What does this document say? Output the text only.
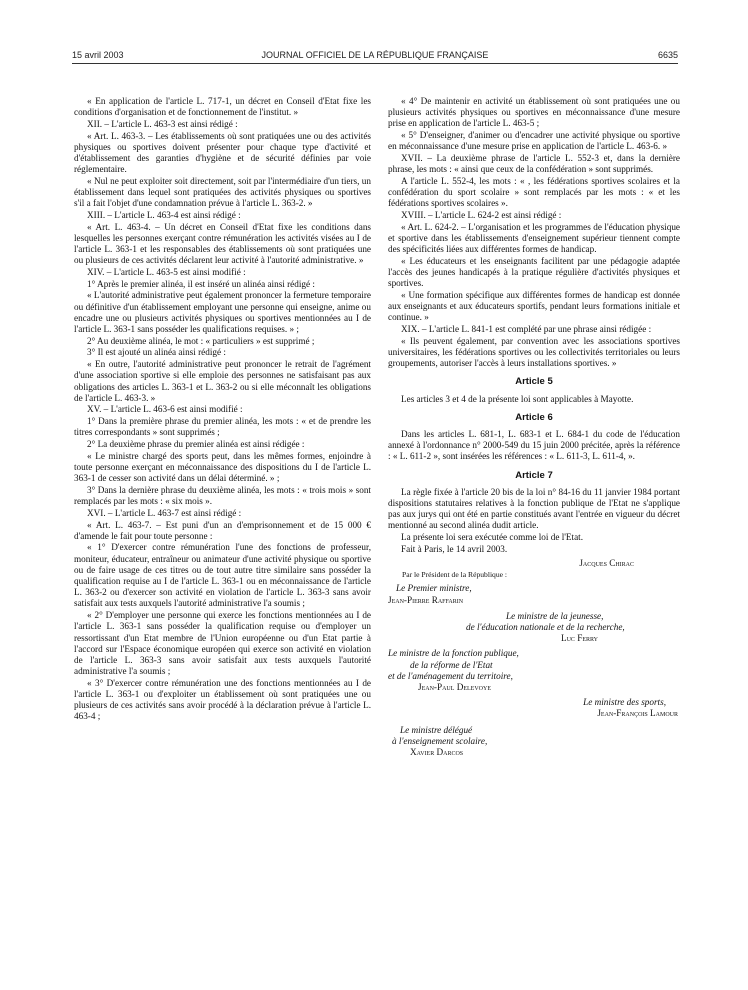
15 avril 2003	JOURNAL OFFICIEL DE LA RÉPUBLIQUE FRANÇAISE	6635

« En application de l'article L. 717-1, un décret en Conseil d'Etat fixe les conditions d'organisation et de fonctionnement de l'institut. »

XII. – L'article L. 463-3 est ainsi rédigé :

« Art. L. 463-3. – Les établissements où sont pratiquées une ou des activités physiques ou sportives doivent présenter pour chaque type d'activité et d'établissement des garanties d'hygiène et de sécurité définies par voie réglementaire.

« Nul ne peut exploiter soit directement, soit par l'intermédiaire d'un tiers, un établissement dans lequel sont pratiquées des activités physiques ou sportives s'il a fait l'objet d'une condamnation prévue à l'article L. 363-2. »

XIII. – L'article L. 463-4 est ainsi rédigé :

« Art. L. 463-4. – Un décret en Conseil d'Etat fixe les conditions dans lesquelles les personnes exerçant contre rémunération les activités visées au I de l'article L. 363-1 et les responsables des établissements où sont pratiquées une ou plusieurs de ces activités déclarent leur activité à l'autorité administrative. »

XIV. – L'article L. 463-5 est ainsi modifié :

1° Après le premier alinéa, il est inséré un alinéa ainsi rédigé :

« L'autorité administrative peut également prononcer la fermeture temporaire ou définitive d'un établissement employant une personne qui enseigne, anime ou encadre une ou plusieurs activités physiques ou sportives mentionnées au I de l'article L. 363-1 sans posséder les qualifications requises. » ;

2° Au deuxième alinéa, le mot : « particuliers » est supprimé ;

3° Il est ajouté un alinéa ainsi rédigé :

« En outre, l'autorité administrative peut prononcer le retrait de l'agrément d'une association sportive si elle emploie des personnes ne satisfaisant pas aux obligations des articles L. 363-1 et L. 363-2 ou si elle méconnaît les obligations de l'article L. 463-3. »

XV. – L'article L. 463-6 est ainsi modifié :

1° Dans la première phrase du premier alinéa, les mots : « et de prendre les titres correspondants » sont supprimés ;

2° La deuxième phrase du premier alinéa est ainsi rédigée :

« Le ministre chargé des sports peut, dans les mêmes formes, enjoindre à toute personne exerçant en méconnaissance des dispositions du I de l'article L. 363-1 de cesser son activité dans un délai déterminé. » ;

3° Dans la dernière phrase du deuxième alinéa, les mots : « trois mois » sont remplacés par les mots : « six mois ».

XVI. – L'article L. 463-7 est ainsi rédigé :

« Art. L. 463-7. – Est puni d'un an d'emprisonnement et de 15 000 € d'amende le fait pour toute personne :

« 1° D'exercer contre rémunération l'une des fonctions de professeur, moniteur, éducateur, entraîneur ou animateur d'une activité physique ou sportive ou de faire usage de ces titres ou de tout autre titre similaire sans posséder la qualification requise au I de l'article L. 363-1 ou en méconnaissance de l'article L. 363-2 ou d'exercer son activité en violation de l'article L. 363-3 sans avoir satisfait aux tests auxquels l'autorité administrative l'a soumis ;

« 2° D'employer une personne qui exerce les fonctions mentionnées au I de l'article L. 363-1 sans posséder la qualification requise ou d'employer un ressortissant d'un Etat membre de l'Union européenne ou d'un Etat partie à l'accord sur l'Espace économique européen qui exerce son activité en violation de l'article L. 363-3 sans avoir satisfait aux tests auxquels l'autorité administrative l'a soumis ;

« 3° D'exercer contre rémunération une des fonctions mentionnées au I de l'article L. 363-1 ou d'exploiter un établissement où sont pratiquées une ou plusieurs de ces activités sans avoir procédé à la déclaration prévue à l'article L. 463-4 ;

« 4° De maintenir en activité un établissement où sont pratiquées une ou plusieurs activités physiques ou sportives en méconnaissance d'une mesure prise en application de l'article L. 463-5 ;

« 5° D'enseigner, d'animer ou d'encadrer une activité physique ou sportive en méconnaissance d'une mesure prise en application de l'article L. 463-6. »

XVII. – La deuxième phrase de l'article L. 552-3 et, dans la dernière phrase, les mots : « ainsi que ceux de la confédération » sont supprimés.

A l'article L. 552-4, les mots : « , les fédérations sportives scolaires et la confédération du sport scolaire » sont remplacés par les mots : « et les fédérations sportives scolaires ».

XVIII. – L'article L. 624-2 est ainsi rédigé :

« Art. L. 624-2. – L'organisation et les programmes de l'éducation physique et sportive dans les établissements d'enseignement supérieur tiennent compte des spécificités liées aux différentes formes de handicap.

« Les éducateurs et les enseignants facilitent par une pédagogie adaptée l'accès des jeunes handicapés à la pratique régulière d'activités physiques et sportives.

« Une formation spécifique aux différentes formes de handicap est donnée aux enseignants et aux éducateurs sportifs, pendant leurs formations initiale et continue. »

XIX. – L'article L. 841-1 est complété par une phrase ainsi rédigée :

« Ils peuvent également, par convention avec les associations sportives universitaires, les fédérations sportives ou les collectivités territoriales ou leurs groupements, autoriser l'accès à leurs installations sportives. »

Article 5

Les articles 3 et 4 de la présente loi sont applicables à Mayotte.

Article 6

Dans les articles L. 681-1, L. 683-1 et L. 684-1 du code de l'éducation annexé à l'ordonnance n° 2000-549 du 15 juin 2000 précitée, après la référence : « L. 611-2 », sont insérées les références : « L. 611-3, L. 611-4, ».

Article 7

La règle fixée à l'article 20 bis de la loi n° 84-16 du 11 janvier 1984 portant dispositions statutaires relatives à la fonction publique de l'Etat ne s'applique pas aux jurys qui ont été en partie constitués avant l'entrée en vigueur du décret mentionné au second alinéa dudit article.

La présente loi sera exécutée comme loi de l'Etat.

Fait à Paris, le 14 avril 2003.

Jacques Chirac

Par le Président de la République :

Le Premier ministre,

Jean-Pierre Raffarin

Le ministre de la jeunesse,

de l'éducation nationale et de la recherche,

Luc Ferry

Le ministre de la fonction publique,

de la réforme de l'Etat

et de l'aménagement du territoire,

Jean-Paul Delevoye

Le ministre des sports,

Jean-François Lamour

Le ministre délégué

à l'enseignement scolaire,

Xavier Darcos
